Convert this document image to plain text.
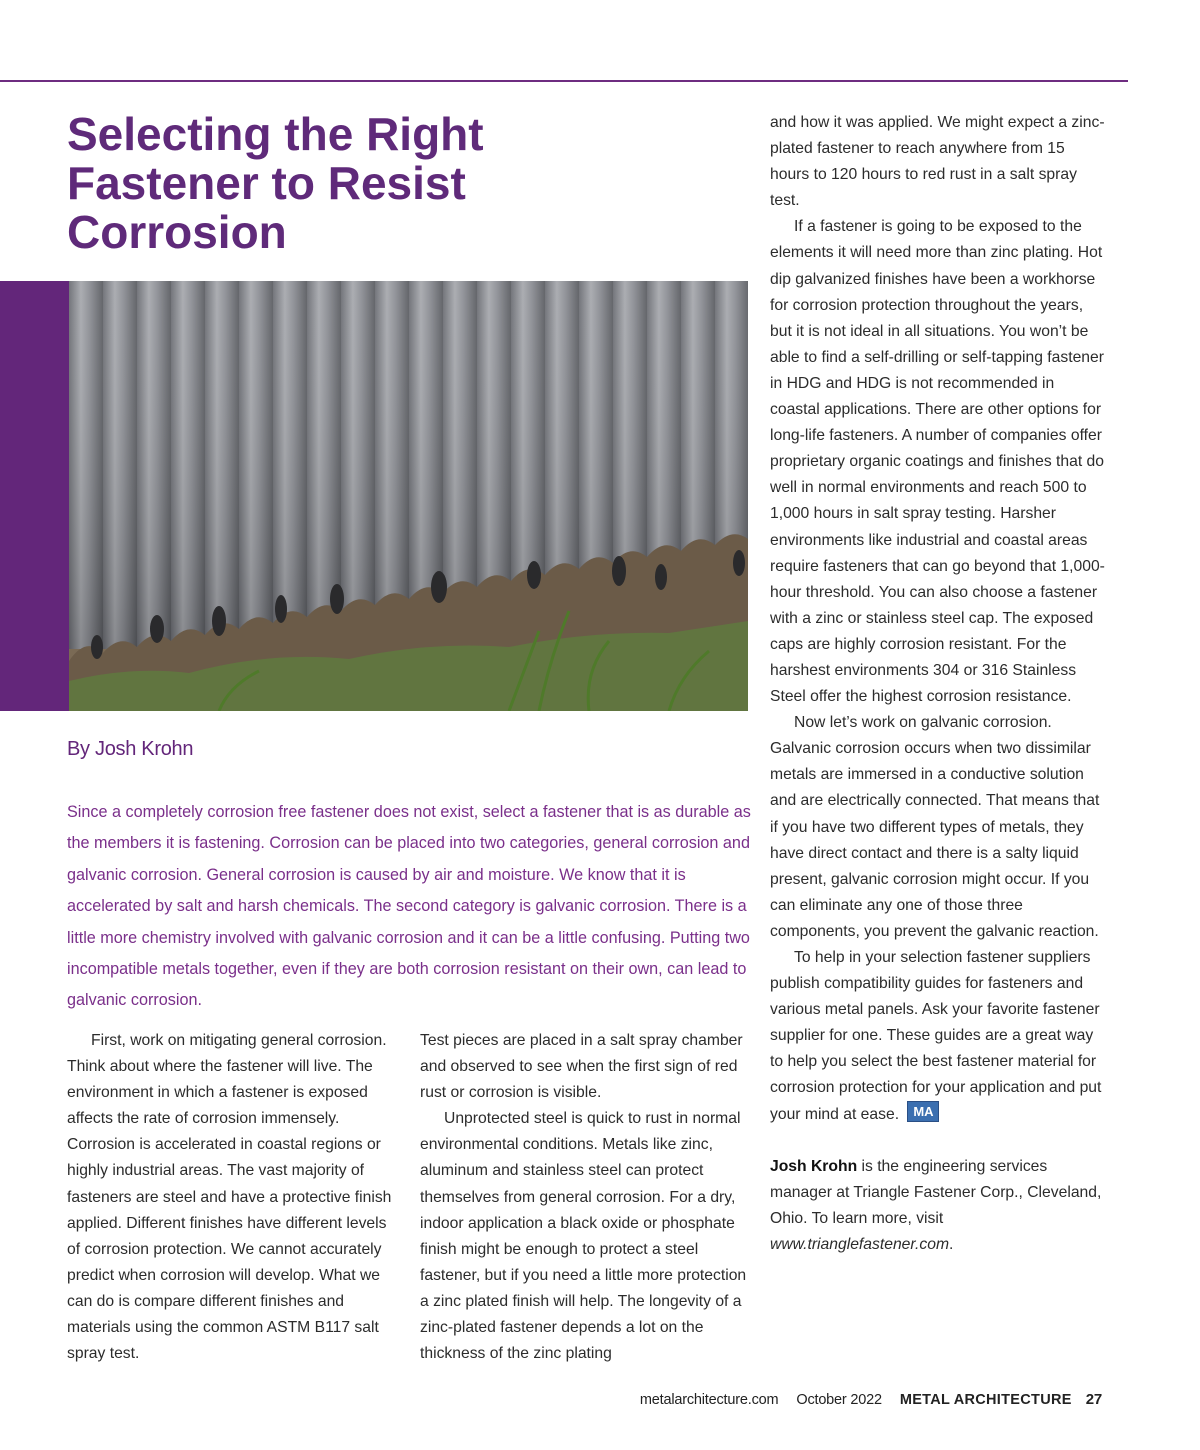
Selecting the Right Fastener to Resist Corrosion

By Josh Krohn

Since a completely corrosion free fastener does not exist, select a fastener that is as durable as the members it is fastening. Corrosion can be placed into two categories, general corrosion and galvanic corrosion. General corrosion is caused by air and moisture. We know that it is accelerated by salt and harsh chemicals. The second category is galvanic corrosion. There is a little more chemistry involved with galvanic corrosion and it can be a little confusing. Putting two incompatible metals together, even if they are both corrosion resistant on their own, can lead to galvanic corrosion.

First, work on mitigating general corrosion. Think about where the fastener will live. The environment in which a fastener is exposed affects the rate of corrosion immensely. Corrosion is accelerated in coastal regions or highly industrial areas. The vast majority of fasteners are steel and have a protective finish applied. Different finishes have different levels of corrosion protection. We cannot accurately predict when corrosion will develop. What we can do is compare different finishes and materials using the common ASTM B117 salt spray test.

Test pieces are placed in a salt spray chamber and observed to see when the first sign of red rust or corrosion is visible.

Unprotected steel is quick to rust in normal environmental conditions. Metals like zinc, aluminum and stainless steel can protect themselves from general corrosion. For a dry, indoor application a black oxide or phosphate finish might be enough to protect a steel fastener, but if you need a little more protection a zinc plated finish will help. The longevity of a zinc-plated fastener depends a lot on the thickness of the zinc plating

and how it was applied. We might expect a zinc-plated fastener to reach anywhere from 15 hours to 120 hours to red rust in a salt spray test.

If a fastener is going to be exposed to the elements it will need more than zinc plating. Hot dip galvanized finishes have been a workhorse for corrosion protection throughout the years, but it is not ideal in all situations. You won’t be able to find a self-drilling or self-tapping fastener in HDG and HDG is not recommended in coastal applications. There are other options for long-life fasteners. A number of companies offer proprietary organic coatings and finishes that do well in normal environments and reach 500 to 1,000 hours in salt spray testing. Harsher environments like industrial and coastal areas require fasteners that can go beyond that 1,000-hour threshold. You can also choose a fastener with a zinc or stainless steel cap. The exposed caps are highly corrosion resistant. For the harshest environments 304 or 316 Stainless Steel offer the highest corrosion resistance.

Now let’s work on galvanic corrosion. Galvanic corrosion occurs when two dissimilar metals are immersed in a conductive solution and are electrically connected. That means that if you have two different types of metals, they have direct contact and there is a salty liquid present, galvanic corrosion might occur. If you can eliminate any one of those three components, you prevent the galvanic reaction.

To help in your selection fastener suppliers publish compatibility guides for fasteners and various metal panels. Ask your favorite fastener supplier for one. These guides are a great way to help you select the best fastener material for corrosion protection for your application and put your mind at ease. MA

Josh Krohn is the engineering services manager at Triangle Fastener Corp., Cleveland, Ohio. To learn more, visit www.trianglefastener.com.

metalarchitecture.com October 2022 METAL ARCHITECTURE 27
